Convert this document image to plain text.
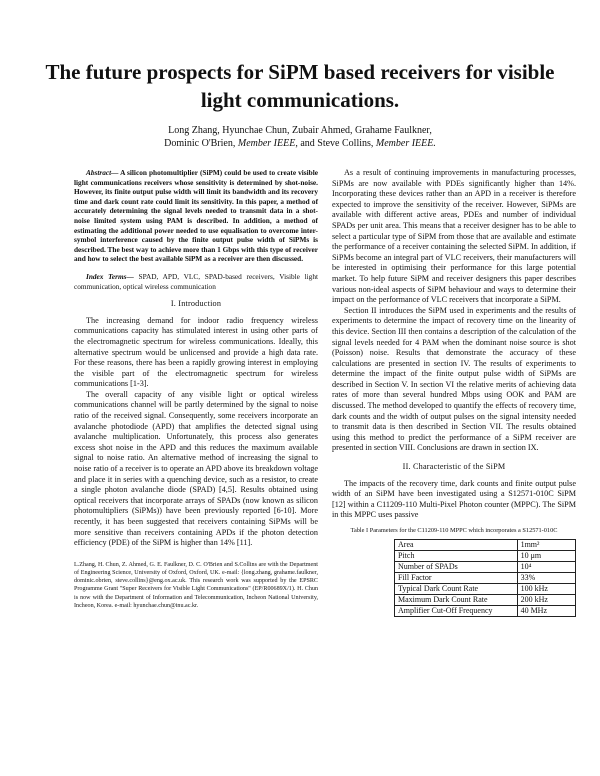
The future prospects for SiPM based receivers for visible light communications.
Long Zhang, Hyunchae Chun, Zubair Ahmed, Grahame Faulkner,
Dominic O'Brien, Member IEEE, and Steve Collins, Member IEEE.

Abstract— A silicon photomultiplier (SiPM) could be used to create visible light communications receivers whose sensitivity is determined by shot-noise. However, its finite output pulse width will limit its bandwidth and its recovery time and dark count rate could limit its sensitivity. In this paper, a method of accurately determining the signal levels needed to transmit data in a shot-noise limited system using PAM is described. In addition, a method of estimating the additional power needed to use equalisation to overcome inter-symbol interference caused by the finite output pulse width of SiPMs is described. The best way to achieve more than 1 Gbps with this type of receiver and how to select the best available SiPM as a receiver are then discussed.

Index Terms— SPAD, APD, VLC, SPAD-based receivers, Visible light communication, optical wireless communication

I. Introduction

The increasing demand for indoor radio frequency wireless communications capacity has stimulated interest in using other parts of the electromagnetic spectrum for wireless communications. Ideally, this alternative spectrum would be unlicensed and provide a high data rate. For these reasons, there has been a rapidly growing interest in employing the visible part of the electromagnetic spectrum for wireless communications [1-3].

The overall capacity of any visible light or optical wireless communications channel will be partly determined by the signal to noise ratio of the received signal. Consequently, some receivers incorporate an avalanche photodiode (APD) that amplifies the detected signal using avalanche multiplication. Unfortunately, this process also generates excess shot noise in the APD and this reduces the maximum available signal to noise ratio. An alternative method of increasing the signal to noise ratio of a receiver is to operate an APD above its breakdown voltage and place it in series with a quenching device, such as a resistor, to create a single photon avalanche diode (SPAD) [4,5]. Results obtained using optical receivers that incorporate arrays of SPADs (now known as silicon photomultipliers (SiPMs)) have been previously reported [6-10]. More recently, it has been suggested that receivers containing SiPMs will be more sensitive than receivers containing APDs if the photon detection efficiency (PDE) of the SiPM is higher than 14% [11].

L.Zhang, H. Chun, Z. Ahmed, G. E. Faulkner, D. C. O'Brien and S.Collins are with the Department of Engineering Science, University of Oxford, Oxford, UK. e-mail: {long.zhang, grahame.faulkner, dominic.obrien, steve.collins}@eng.ox.ac.uk. This research work was supported by the EPSRC Programme Grant "Super Receivers for Visible Light Communications" (EP/R00689X/1). H. Chun is now with the Department of Information and Telecommunication, Incheon National University, Incheon, Korea. e-mail: hyunchae.chun@inu.ac.kr.

As a result of continuing improvements in manufacturing processes, SiPMs are now available with PDEs significantly higher than 14%. Incorporating these devices rather than an APD in a receiver is therefore expected to improve the sensitivity of the receiver. However, SiPMs are available with different active areas, PDEs and number of individual SPADs per unit area. This means that a receiver designer has to be able to select a particular type of SiPM from those that are available and estimate the performance of a receiver containing the selected SiPM. In addition, if SiPMs become an integral part of VLC receivers, their manufacturers will be interested in optimising their performance for this large potential market. To help future SiPM and receiver designers this paper describes various non-ideal aspects of SiPM behaviour and ways to determine their impact on the performance of VLC receivers that incorporate a SiPM.

Section II introduces the SiPM used in experiments and the results of experiments to determine the impact of recovery time on the linearity of this device. Section III then contains a description of the calculation of the signal levels needed for 4 PAM when the dominant noise source is shot (Poisson) noise. Results that demonstrate the accuracy of these calculations are presented in section IV. The results of experiments to determine the impact of the finite output pulse width of SiPMs are described in Section V. In section VI the relative merits of achieving data rates of more than several hundred Mbps using OOK and PAM are discussed. The method developed to quantify the effects of recovery time, dark counts and the width of output pulses on the signal intensity needed to transmit data is then described in Section VII. The results obtained using this method to predict the performance of a SiPM receiver are presented in section VIII. Conclusions are drawn in section IX.

II. Characteristic of the SiPM

The impacts of the recovery time, dark counts and finite output pulse width of an SiPM have been investigated using a S12571-010C SiPM [12] within a C11209-110 Multi-Pixel Photon counter (MPPC). The SiPM in this MPPC uses passive

Table I Parameters for the C11209-110 MPPC which incorporates a S12571-010C
Area	1mm²
Pitch	10 μm
Number of SPADs	10⁴
Fill Factor	33%
Typical Dark Count Rate	100 kHz
Maximum Dark Count Rate	200 kHz
Amplifier Cut-Off Frequency	40 MHz
